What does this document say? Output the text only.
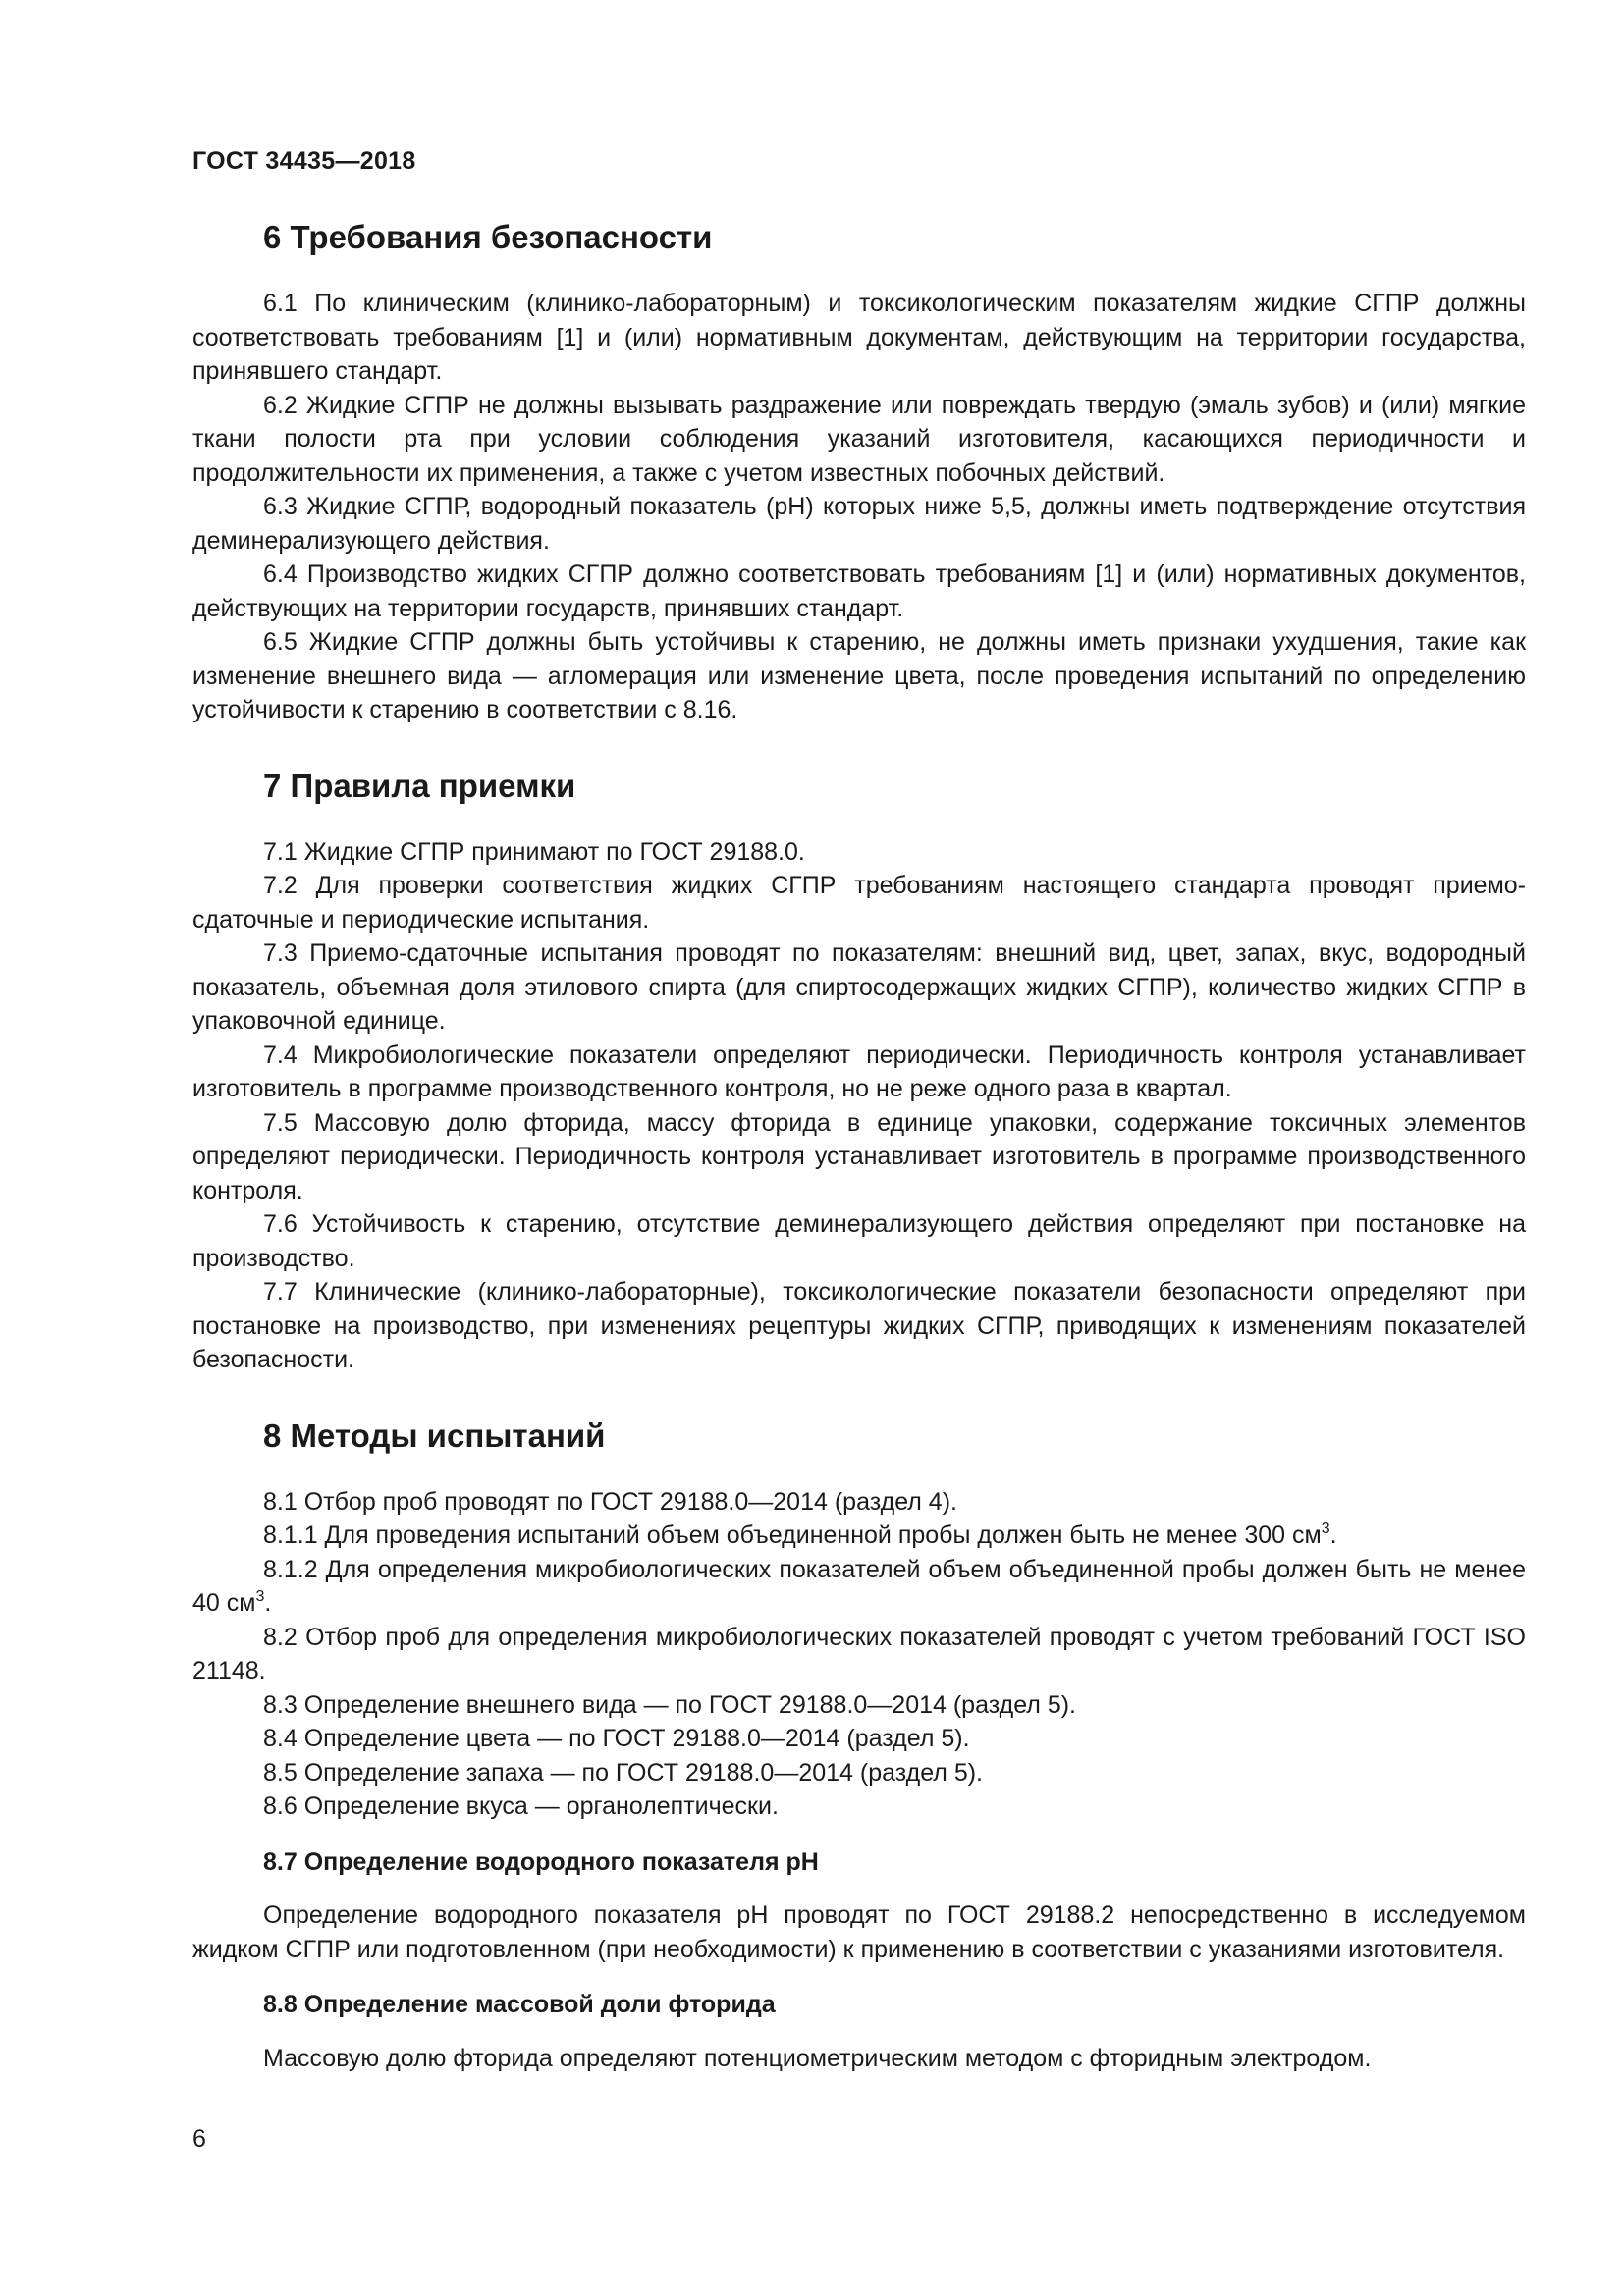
ГОСТ 34435—2018
6 Требования безопасности

6.1 По клиническим (клинико-лабораторным) и токсикологическим показателям жидкие СГПР должны соответствовать требованиям [1] и (или) нормативным документам, действующим на территории государства, принявшего стандарт.

6.2 Жидкие СГПР не должны вызывать раздражение или повреждать твердую (эмаль зубов) и (или) мягкие ткани полости рта при условии соблюдения указаний изготовителя, касающихся периодичности и продолжительности их применения, а также с учетом известных побочных действий.

6.3 Жидкие СГПР, водородный показатель (pH) которых ниже 5,5, должны иметь подтверждение отсутствия деминерализующего действия.

6.4 Производство жидких СГПР должно соответствовать требованиям [1] и (или) нормативных документов, действующих на территории государств, принявших стандарт.

6.5 Жидкие СГПР должны быть устойчивы к старению, не должны иметь признаки ухудшения, такие как изменение внешнего вида — агломерация или изменение цвета, после проведения испытаний по определению устойчивости к старению в соответствии с 8.16.

7 Правила приемки

7.1 Жидкие СГПР принимают по ГОСТ 29188.0.

7.2 Для проверки соответствия жидких СГПР требованиям настоящего стандарта проводят приемо-сдаточные и периодические испытания.

7.3 Приемо-сдаточные испытания проводят по показателям: внешний вид, цвет, запах, вкус, водородный показатель, объемная доля этилового спирта (для спиртосодержащих жидких СГПР), количество жидких СГПР в упаковочной единице.

7.4 Микробиологические показатели определяют периодически. Периодичность контроля устанавливает изготовитель в программе производственного контроля, но не реже одного раза в квартал.

7.5 Массовую долю фторида, массу фторида в единице упаковки, содержание токсичных элементов определяют периодически. Периодичность контроля устанавливает изготовитель в программе производственного контроля.

7.6 Устойчивость к старению, отсутствие деминерализующего действия определяют при постановке на производство.

7.7 Клинические (клинико-лабораторные), токсикологические показатели безопасности определяют при постановке на производство, при изменениях рецептуры жидких СГПР, приводящих к изменениям показателей безопасности.

8 Методы испытаний

8.1 Отбор проб проводят по ГОСТ 29188.0—2014 (раздел 4).

8.1.1 Для проведения испытаний объем объединенной пробы должен быть не менее 300 $см^3$.

8.1.2 Для определения микробиологических показателей объем объединенной пробы должен быть не менее 40 $см^3$.

8.2 Отбор проб для определения микробиологических показателей проводят с учетом требований ГОСТ ISO 21148.

8.3 Определение внешнего вида — по ГОСТ 29188.0—2014 (раздел 5).

8.4 Определение цвета — по ГОСТ 29188.0—2014 (раздел 5).

8.5 Определение запаха — по ГОСТ 29188.0—2014 (раздел 5).

8.6 Определение вкуса — органолептически.

8.7 Определение водородного показателя pH

Определение водородного показателя pH проводят по ГОСТ 29188.2 непосредственно в исследуемом жидком СГПР или подготовленном (при необходимости) к применению в соответствии с указаниями изготовителя.

8.8 Определение массовой доли фторида

Массовую долю фторида определяют потенциометрическим методом с фторидным электродом.

6
